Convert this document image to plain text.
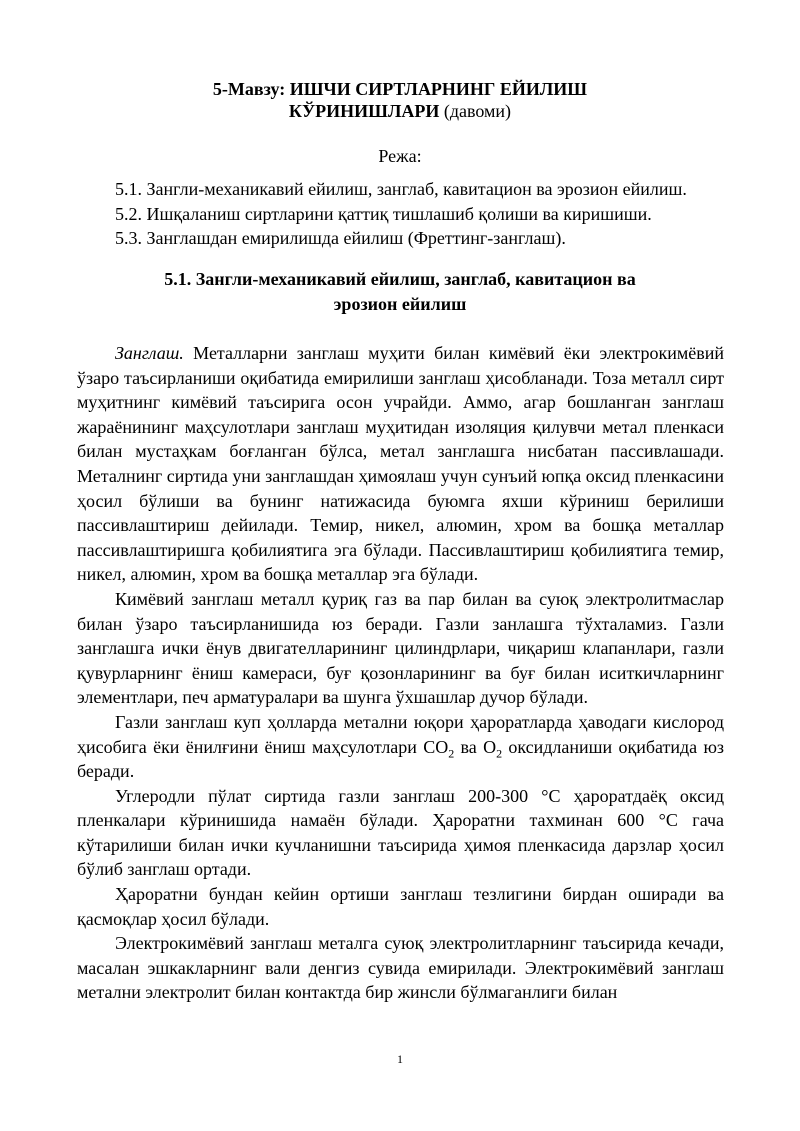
5-Мавзу: ИШЧИ СИРТЛАРНИНГ ЕЙИЛИШ
КЎРИНИШЛАРИ (давоми)
Режа:
5.1. Зангли-механикавий ейилиш, занглаб, кавитацион ва эрозион ейилиш.
5.2. Ишқаланиш сиртларини қаттиқ тишлашиб қолиши ва киришиши.
5.3. Занглашдан емирилишда ейилиш (Фреттинг-занглаш).
5.1. Зангли-механикавий ейилиш, занглаб, кавитацион ва
эрозион ейилиш

Занглаш. Металларни занглаш муҳити билан кимёвий ёки электрокимёвий ўзаро таъсирланиши оқибатида емирилиши занглаш ҳисобланади. Тоза металл сирт муҳитнинг кимёвий таъсирига осон учрайди. Аммо, агар бошланган занглаш жараёнининг маҳсулотлари занглаш муҳитидан изоляция қилувчи метал пленкаси билан мустаҳкам боғланган бўлса, метал занглашга нисбатан пассивлашади. Металнинг сиртида уни занглашдан ҳимоялаш учун сунъий юпқа оксид пленкасини ҳосил бўлиши ва бунинг натижасида буюмга яхши кўриниш берилиши пассивлаштириш дейилади. Темир, никел, алюмин, хром ва бошқа металлар пассивлаштиришга қобилиятига эга бўлади. Пассивлаштириш қобилиятига темир, никел, алюмин, хром ва бошқа металлар эга бўлади.

Кимёвий занглаш металл қуриқ газ ва пар билан ва суюқ электролитмаслар билан ўзаро таъсирланишида юз беради. Газли занлашга тўхталамиз. Газли занглашга ички ёнув двигателларининг цилиндрлари, чиқариш клапанлари, газли қувурларнинг ёниш камераси, буғ қозонларининг ва буғ билан иситкичларнинг элементлари, печ арматуралари ва шунга ўхшашлар дучор бўлади.

Газли занглаш куп ҳолларда метални юқори ҳароратларда ҳаводаги кислород ҳисобига ёки ёнилғини ёниш маҳсулотлари $CO_2$ ва $O_2$ оксидланиши оқибатида юз беради.

Углеродли пўлат сиртида газли занглаш 200-300 °С ҳароратдаёқ оксид пленкалари кўринишида намаён бўлади. Ҳароратни тахминан 600 °С гача кўтарилиши билан ички кучланишни таъсирида ҳимоя пленкасида дарзлар ҳосил бўлиб занглаш ортади.

Ҳароратни бундан кейин ортиши занглаш тезлигини бирдан оширади ва қасмоқлар ҳосил бўлади.

Электрокимёвий занглаш металга суюқ электролитларнинг таъсирида кечади, масалан эшкакларнинг вали денгиз сувида емирилади. Электрокимёвий занглаш метални электролит билан контактда бир жинсли бўлмаганлиги билан

1
